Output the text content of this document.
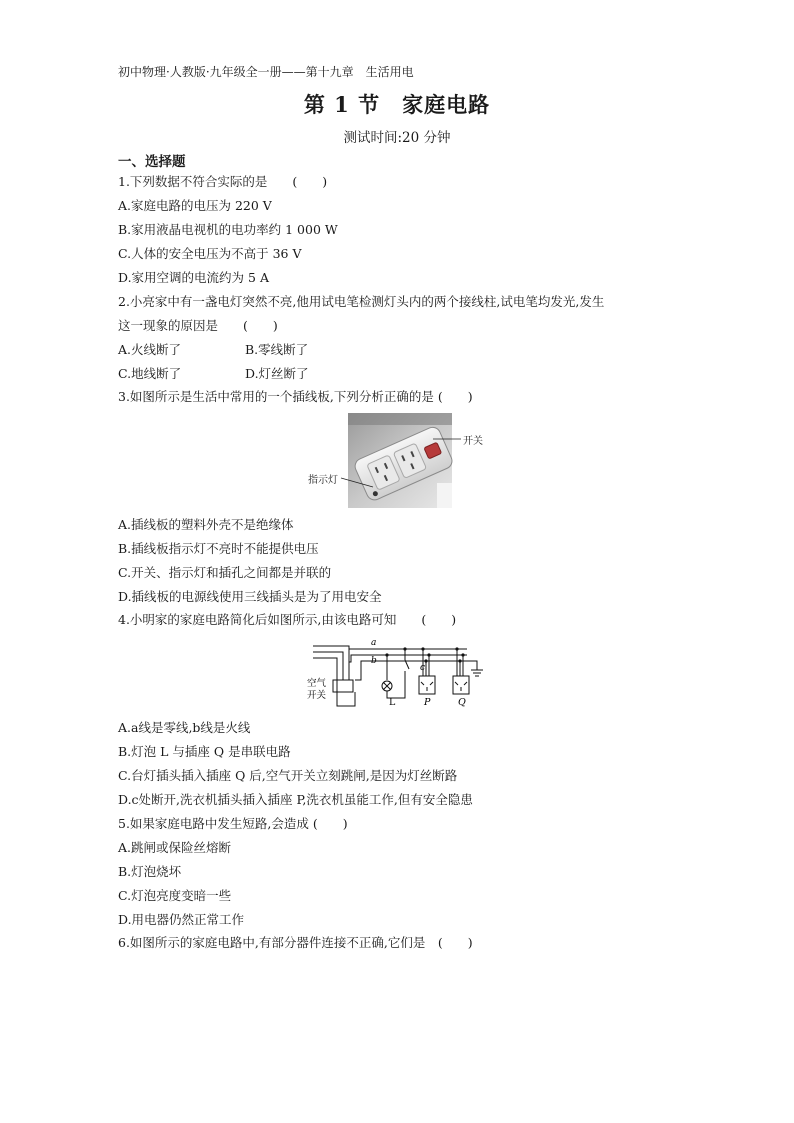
初中物理·人教版·九年级全一册——第十九章　生活用电
第 1 节　家庭电路
测试时间:20 分钟
一、选择题
1.下列数据不符合实际的是　　(　　)
A.家庭电路的电压为 220 V
B.家用液晶电视机的电功率约 1 000 W
C.人体的安全电压为不高于 36 V
D.家用空调的电流约为 5 A
2.小亮家中有一盏电灯突然不亮,他用试电笔检测灯头内的两个接线柱,试电笔均发光,发生
这一现象的原因是　　(　　)
A.火线断了	B.零线断了
C.地线断了	D.灯丝断了
3.如图所示是生活中常用的一个插线板,下列分析正确的是 (　　)
开关
指示灯
A.插线板的塑料外壳不是绝缘体
B.插线板指示灯不亮时不能提供电压
C.开关、指示灯和插孔之间都是并联的
D.插线板的电源线使用三线插头是为了用电安全
4.小明家的家庭电路简化后如图所示,由该电路可知　　(　　)
a
b
c
空气
开关
L	P	Q
A.a线是零线,b线是火线
B.灯泡 L 与插座 Q 是串联电路
C.台灯插头插入插座 Q 后,空气开关立刻跳闸,是因为灯丝断路
D.c处断开,洗衣机插头插入插座 P,洗衣机虽能工作,但有安全隐患
5.如果家庭电路中发生短路,会造成 (　　)
A.跳闸或保险丝熔断
B.灯泡烧坏
C.灯泡亮度变暗一些
D.用电器仍然正常工作
6.如图所示的家庭电路中,有部分器件连接不正确,它们是　(　　)
